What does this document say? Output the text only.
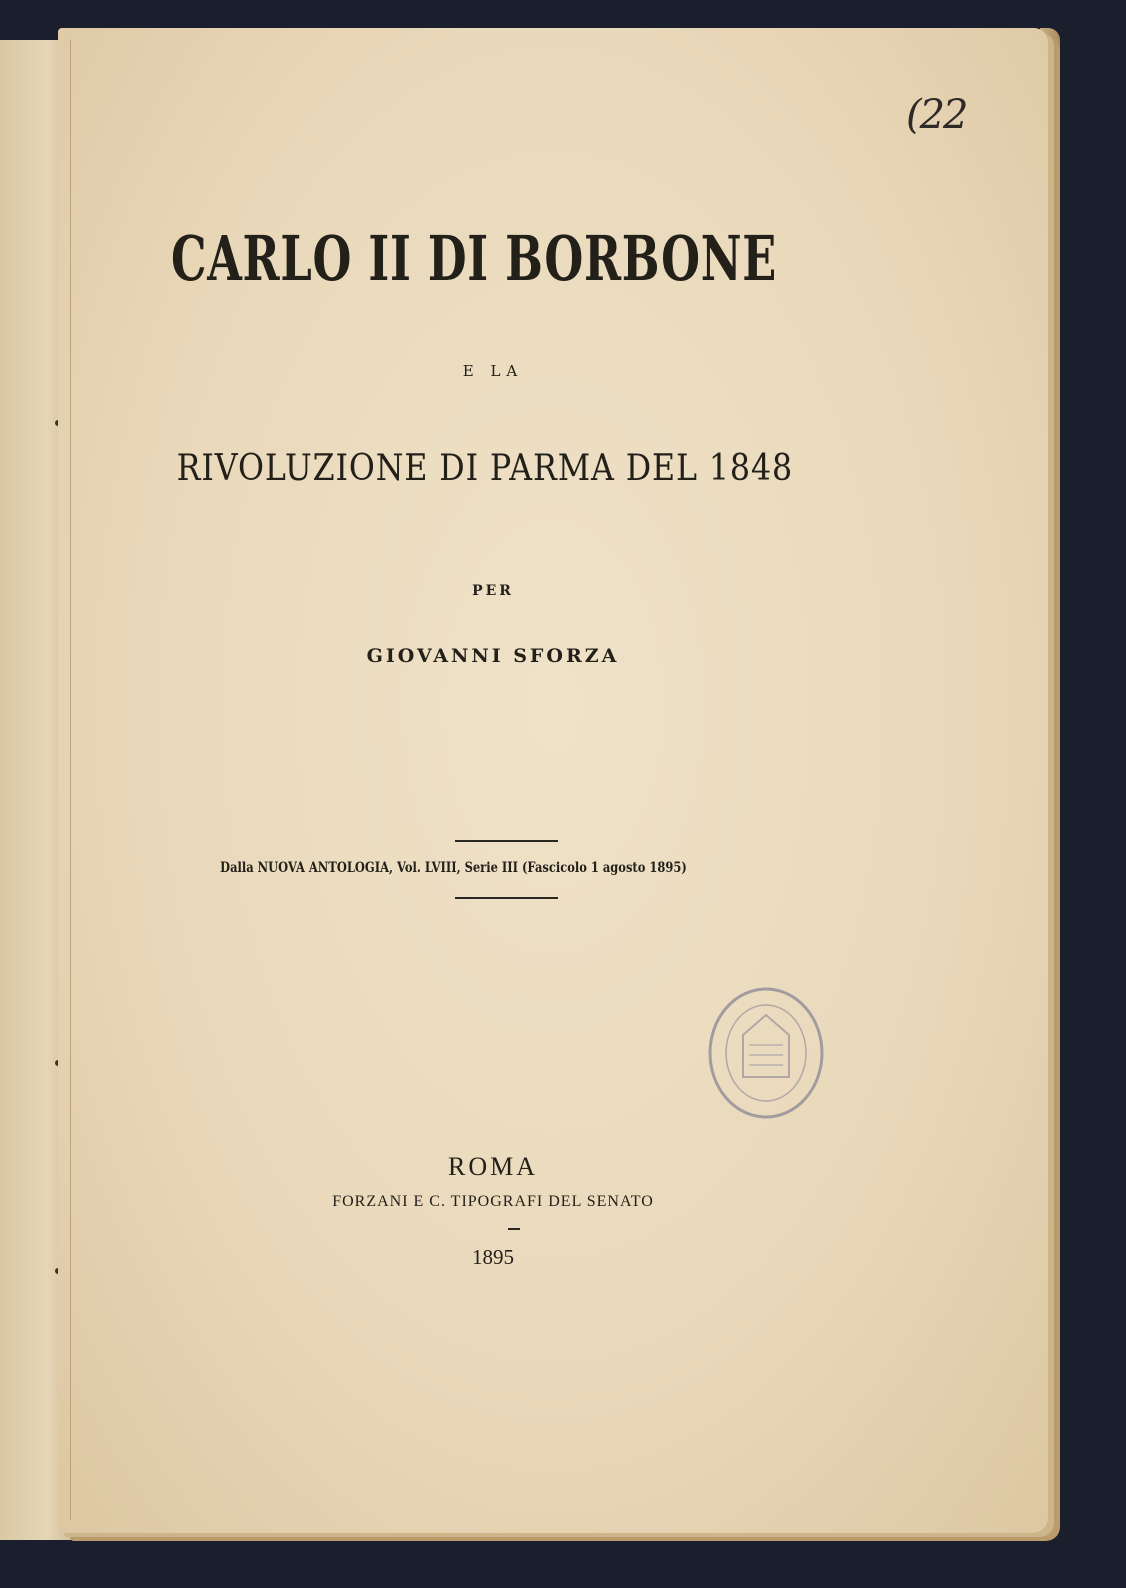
(22
CARLO II DI BORBONE
E LA
RIVOLUZIONE DI PARMA DEL 1848
PER
GIOVANNI SFORZA
Dalla NUOVA ANTOLOGIA, Vol. LVIII, Serie III (Fascicolo 1 agosto 1895)
ROMA
FORZANI E C. TIPOGRAFI DEL SENATO
1895
